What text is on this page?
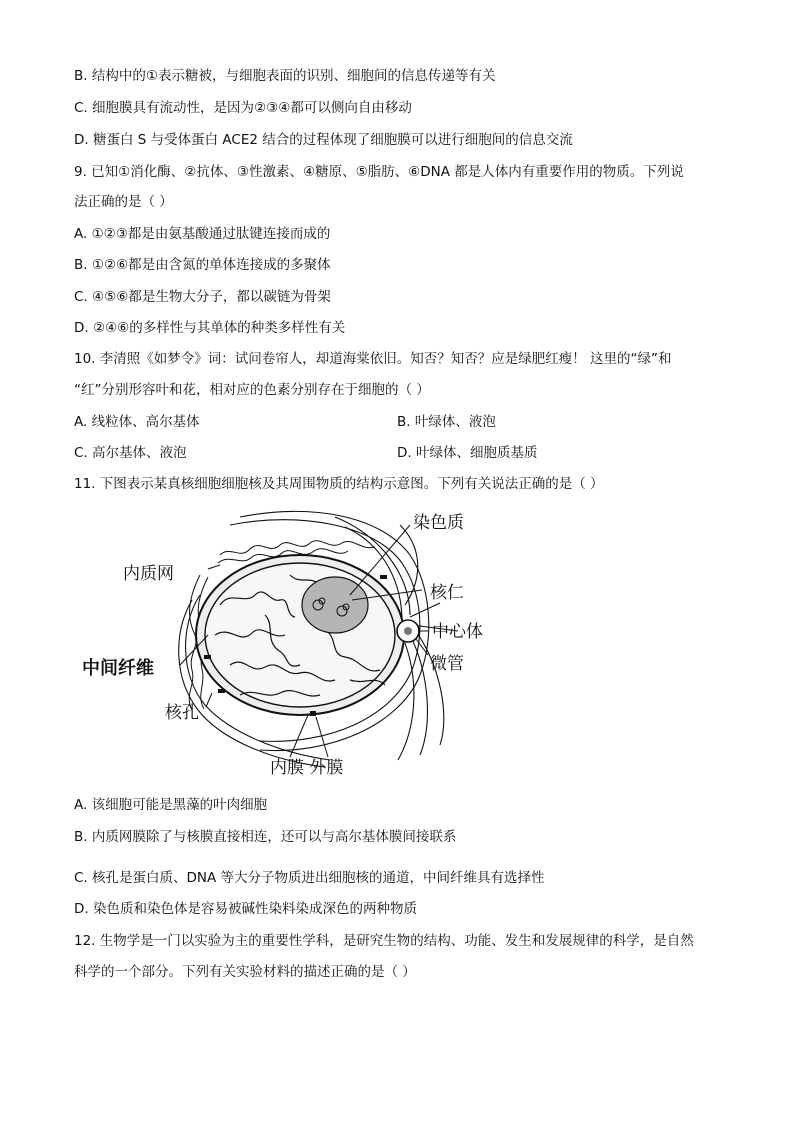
B. 结构中的①表示糖被，与细胞表面的识别、细胞间的信息传递等有关
C. 细胞膜具有流动性，是因为②③④都可以侧向自由移动
D. 糖蛋白 S 与受体蛋白 ACE2 结合的过程体现了细胞膜可以进行细胞间的信息交流
9. 已知①消化酶、②抗体、③性激素、④糖原、⑤脂肪、⑥DNA 都是人体内有重要作用的物质。下列说
法正确的是（ ）
A. ①②③都是由氨基酸通过肽键连接而成的
B. ①②⑥都是由含氮的单体连接成的多聚体
C. ④⑤⑥都是生物大分子，都以碳链为骨架
D. ②④⑥的多样性与其单体的种类多样性有关
10. 李清照《如梦令》词：试问卷帘人，却道海棠依旧。知否？知否？应是绿肥红瘦！ 这里的“绿”和
“红”分别形容叶和花，相对应的色素分别存在于细胞的（ ）
A. 线粒体、高尔基体	B. 叶绿体、液泡
C. 高尔基体、液泡	D. 叶绿体、细胞质基质
11. 下图表示某真核细胞细胞核及其周围物质的结构示意图。下列有关说法正确的是（ ）
染色质
内质网
核仁
中心体
中间纤维	微管
核孔
内膜 外膜
A. 该细胞可能是黑藻的叶肉细胞
B. 内质网膜除了与核膜直接相连，还可以与高尔基体膜间接联系
C. 核孔是蛋白质、DNA 等大分子物质进出细胞核的通道，中间纤维具有选择性
D. 染色质和染色体是容易被碱性染料染成深色的两种物质
12. 生物学是一门以实验为主的重要性学科，是研究生物的结构、功能、发生和发展规律的科学，是自然
科学的一个部分。下列有关实验材料的描述正确的是（ ）
